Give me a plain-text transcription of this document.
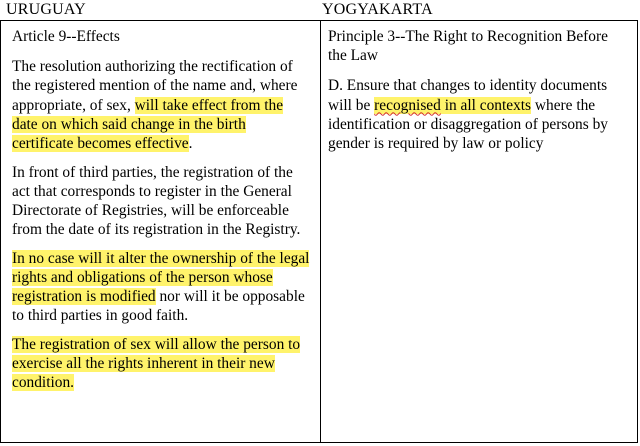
URUGUAY	YOGYAKARTA

Article 9--Effects

The resolution authorizing the rectification of the registered mention of the name and, where appropriate, of sex, will take effect from the date on which said change in the birth certificate becomes effective.

In front of third parties, the registration of the act that corresponds to register in the General Directorate of Registries, will be enforceable from the date of its registration in the Registry.

In no case will it alter the ownership of the legal rights and obligations of the person whose registration is modified nor will it be opposable to third parties in good faith.

The registration of sex will allow the person to exercise all the rights inherent in their new condition.

Principle 3--The Right to Recognition Before the Law

D. Ensure that changes to identity documents will be recognised in all contexts where the identification or disaggregation of persons by gender is required by law or policy
